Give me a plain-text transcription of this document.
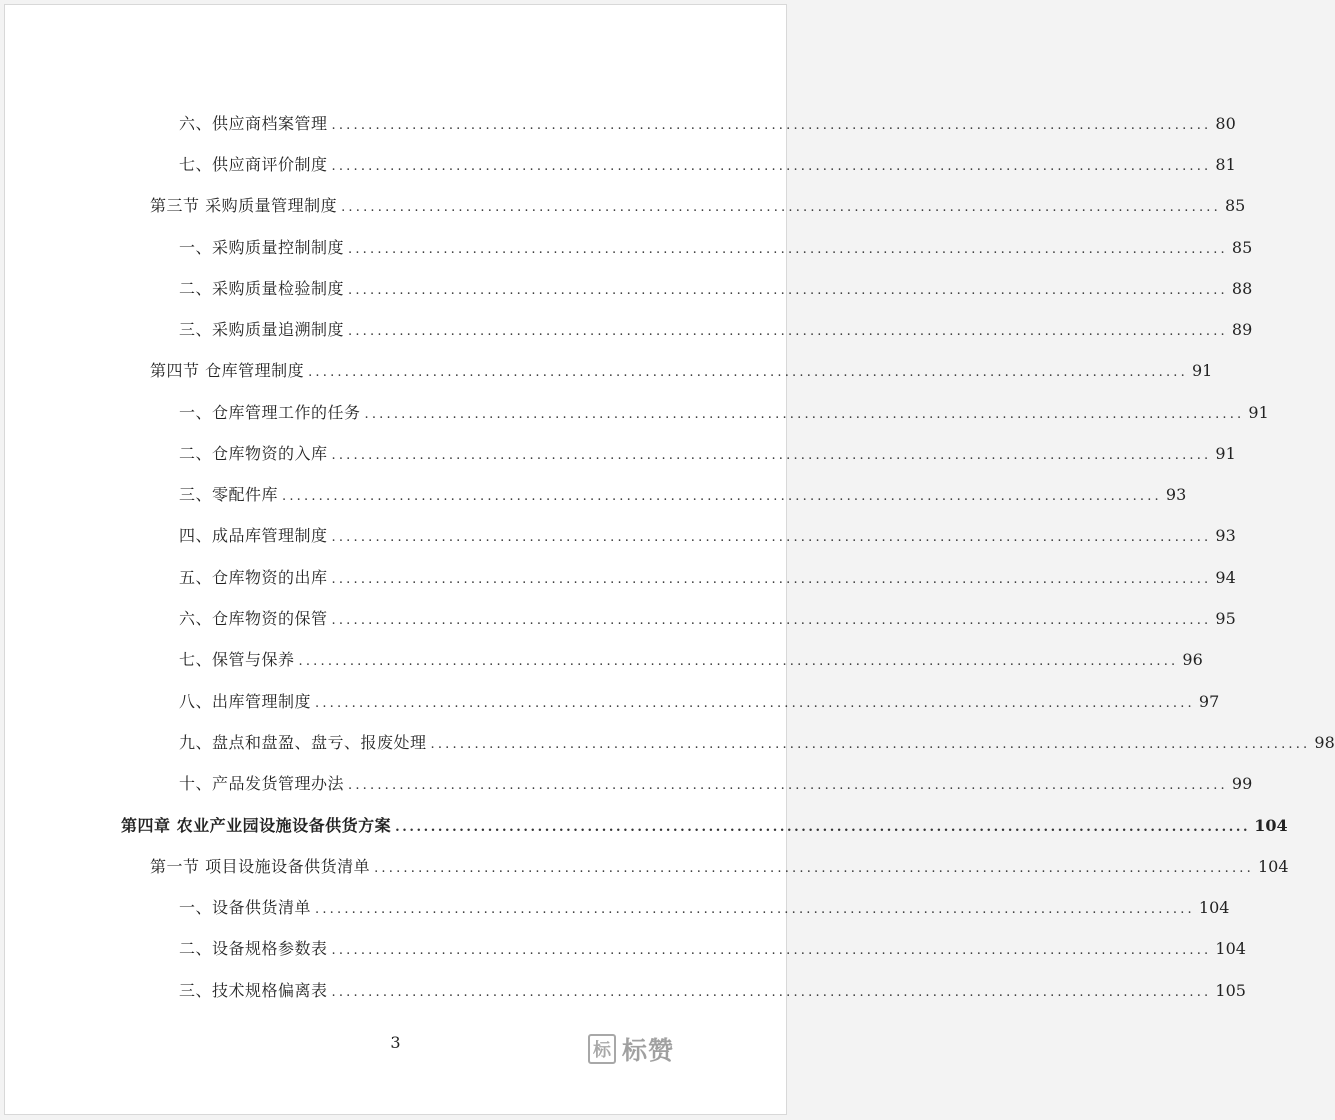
六、供应商档案管理 ........................................................................................................................ 80
七、供应商评价制度 ........................................................................................................................ 81
第三节 采购质量管理制度 ........................................................................................................................ 85
一、采购质量控制制度 ........................................................................................................................ 85
二、采购质量检验制度 ........................................................................................................................ 88
三、采购质量追溯制度 ........................................................................................................................ 89
第四节 仓库管理制度 ........................................................................................................................ 91
一、仓库管理工作的任务 ........................................................................................................................ 91
二、仓库物资的入库 ........................................................................................................................ 91
三、零配件库 ........................................................................................................................ 93
四、成品库管理制度 ........................................................................................................................ 93
五、仓库物资的出库 ........................................................................................................................ 94
六、仓库物资的保管 ........................................................................................................................ 95
七、保管与保养 ........................................................................................................................ 96
八、出库管理制度 ........................................................................................................................ 97
九、盘点和盘盈、盘亏、报废处理 ........................................................................................................................ 98
十、产品发货管理办法 ........................................................................................................................ 99
第四章 农业产业园设施设备供货方案 ........................................................................................................................ 104
第一节 项目设施设备供货清单 ........................................................................................................................ 104
一、设备供货清单 ........................................................................................................................ 104
二、设备规格参数表 ........................................................................................................................ 104
三、技术规格偏离表 ........................................................................................................................ 105
3	标 标赞
